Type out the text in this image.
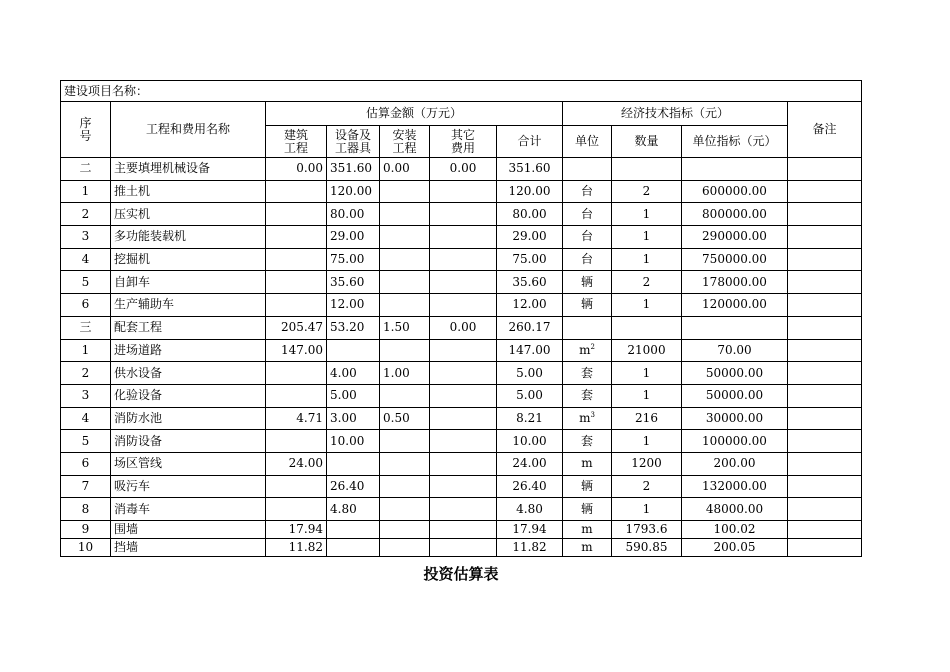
建设项目名称：										
序号	工程和费用名称	估算金额（万元）					经济技术指标（元）			备注
		建筑工程	设备及工器具	安装工程	其它费用	合计	单位	数量	单位指标（元）	
二	主要填埋机械设备	0.00	351.60	0.00	0.00	351.60				
1	推土机		120.00			120.00	台	2	600000.00	
2	压实机		80.00			80.00	台	1	800000.00	
3	多功能装载机		29.00			29.00	台	1	290000.00	
4	挖掘机		75.00			75.00	台	1	750000.00	
5	自卸车		35.60			35.60	辆	2	178000.00	
6	生产辅助车		12.00			12.00	辆	1	120000.00	
三	配套工程	205.47	53.20	1.50	0.00	260.17				
1	进场道路	147.00				147.00	$m^2$	21000	70.00	
2	供水设备		4.00	1.00		5.00	套	1	50000.00	
3	化验设备		5.00			5.00	套	1	50000.00	
4	消防水池	4.71	3.00	0.50		8.21	$m^3$	216	30000.00	
5	消防设备		10.00			10.00	套	1	100000.00	
6	场区管线	24.00				24.00	m	1200	200.00	
7	吸污车		26.40			26.40	辆	2	132000.00	
8	消毒车		4.80			4.80	辆	1	48000.00	
9	围墙	17.94				17.94	m	1793.6	100.02	
10	挡墙	11.82				11.82	m	590.85	200.05	
投资估算表
